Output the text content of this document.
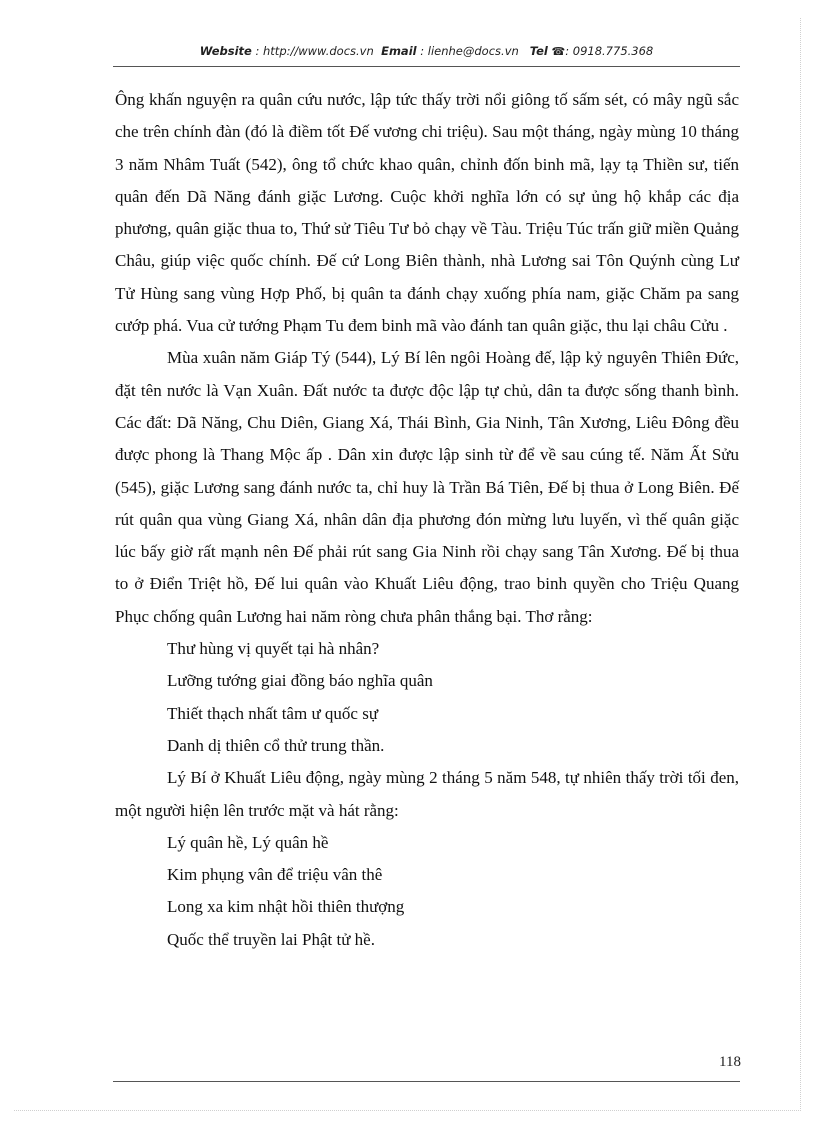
Website : http://www.docs.vn Email : lienhe@docs.vn Tel ☎: 0918.775.368

Ông khấn nguyện ra quân cứu nước, lập tức thấy trời nổi giông tố sấm sét, có mây ngũ sắc che trên chính đàn (đó là điềm tốt Đế vương chi triệu). Sau một tháng, ngày mùng 10 tháng 3 năm Nhâm Tuất (542), ông tổ chức khao quân, chỉnh đốn binh mã, lạy tạ Thiền sư, tiến quân đến Dã Năng đánh giặc Lương. Cuộc khởi nghĩa lớn có sự ủng hộ khắp các địa phương, quân giặc thua to, Thứ sử Tiêu Tư bỏ chạy về Tàu. Triệu Túc trấn giữ miền Quảng Châu, giúp việc quốc chính. Đế cứ Long Biên thành, nhà Lương sai Tôn Quýnh cùng Lư Tử Hùng sang vùng Hợp Phố, bị quân ta đánh chạy xuống phía nam, giặc Chăm pa sang cướp phá. Vua cử tướng Phạm Tu đem binh mã vào đánh tan quân giặc, thu lại châu Cửu .

Mùa xuân năm Giáp Tý (544), Lý Bí lên ngôi Hoàng đế, lập kỷ nguyên Thiên Đức, đặt tên nước là Vạn Xuân. Đất nước ta được độc lập tự chủ, dân ta được sống thanh bình. Các đất: Dã Năng, Chu Diên, Giang Xá, Thái Bình, Gia Ninh, Tân Xương, Liêu Đông đều được phong là Thang Mộc ấp . Dân xin được lập sinh từ để về sau cúng tế. Năm Ất Sửu (545), giặc Lương sang đánh nước ta, chỉ huy là Trần Bá Tiên, Đế bị thua ở Long Biên. Đế rút quân qua vùng Giang Xá, nhân dân địa phương đón mừng lưu luyến, vì thế quân giặc lúc bấy giờ rất mạnh nên Đế phải rút sang Gia Ninh rồi chạy sang Tân Xương. Đế bị thua to ở Điển Triệt hồ, Đế lui quân vào Khuất Liêu động, trao binh quyền cho Triệu Quang Phục chống quân Lương hai năm ròng chưa phân thắng bại. Thơ rằng:

Thư hùng vị quyết tại hà nhân?

Lưỡng tướng giai đồng báo nghĩa quân

Thiết thạch nhất tâm ư quốc sự

Danh dị thiên cổ thử trung thần.

Lý Bí ở Khuất Liêu động, ngày mùng 2 tháng 5 năm 548, tự nhiên thấy trời tối đen, một người hiện lên trước mặt và hát rằng:

Lý quân hề, Lý quân hề

Kim phụng vân để triệu vân thê

Long xa kim nhật hồi thiên thượng

Quốc thể truyền lai Phật tử hề.

118
